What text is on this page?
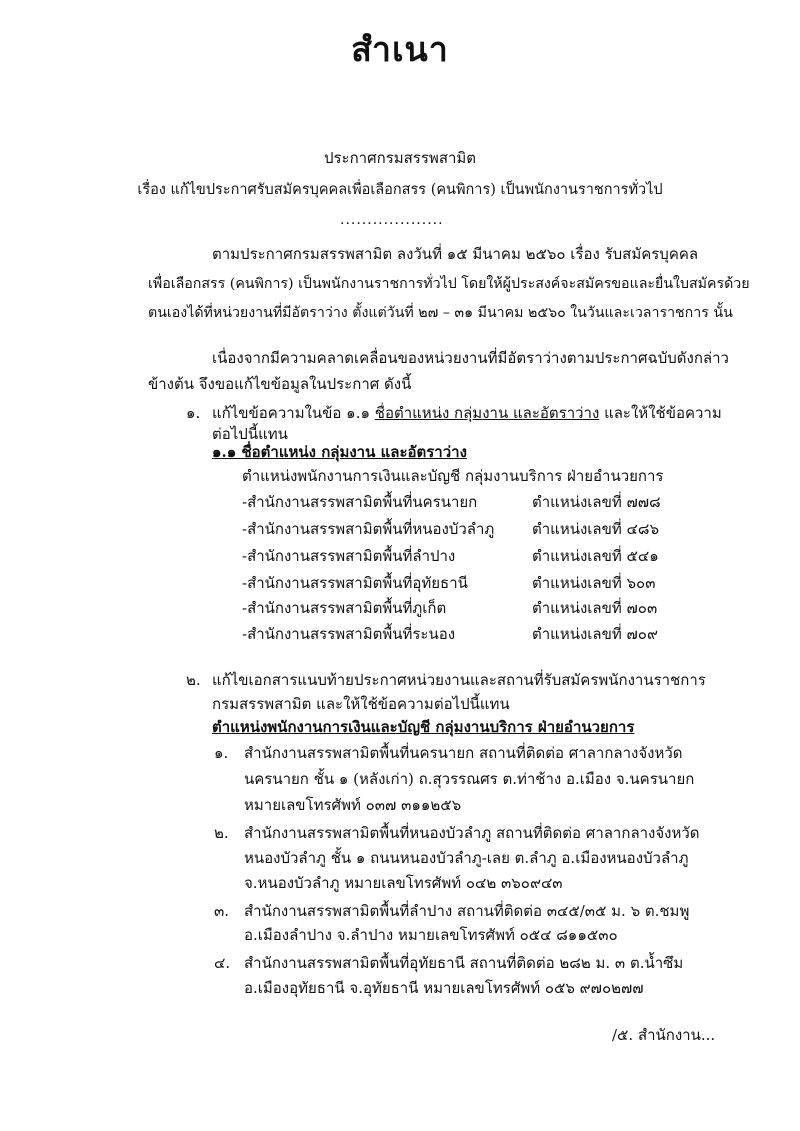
สำเนา
ประกาศกรมสรรพสามิต
เรื่อง แก้ไขประกาศรับสมัครบุคคลเพื่อเลือกสรร (คนพิการ) เป็นพนักงานราชการทั่วไป
...................
ตามประกาศกรมสรรพสามิต ลงวันที่ ๑๕ มีนาคม ๒๕๖๐ เรื่อง รับสมัครบุคคล
เพื่อเลือกสรร (คนพิการ) เป็นพนักงานราชการทั่วไป โดยให้ผู้ประสงค์จะสมัครขอและยื่นใบสมัครด้วย
ตนเองได้ที่หน่วยงานที่มีอัตราว่าง ตั้งแต่วันที่ ๒๗ – ๓๑ มีนาคม ๒๕๖๐ ในวันและเวลาราชการ นั้น
เนื่องจากมีความคลาดเคลื่อนของหน่วยงานที่มีอัตราว่างตามประกาศฉบับดังกล่าว
ข้างต้น จึงขอแก้ไขข้อมูลในประกาศ ดังนี้
๑. แก้ไขข้อความในข้อ ๑.๑ ชื่อตำแหน่ง กลุ่มงาน และอัตราว่าง และให้ใช้ข้อความ
ต่อไปนี้แทน
๑.๑ ชื่อตำแหน่ง กลุ่มงาน และอัตราว่าง
ตำแหน่งพนักงานการเงินและบัญชี กลุ่มงานบริการ ฝ่ายอำนวยการ
-สำนักงานสรรพสามิตพื้นที่นครนายก	ตำแหน่งเลขที่ ๗๗๘
-สำนักงานสรรพสามิตพื้นที่หนองบัวลำภู	ตำแหน่งเลขที่ ๔๘๖
-สำนักงานสรรพสามิตพื้นที่ลำปาง	ตำแหน่งเลขที่ ๕๔๑
-สำนักงานสรรพสามิตพื้นที่อุทัยธานี	ตำแหน่งเลขที่ ๖๐๓
-สำนักงานสรรพสามิตพื้นที่ภูเก็ต	ตำแหน่งเลขที่ ๗๐๓
-สำนักงานสรรพสามิตพื้นที่ระนอง	ตำแหน่งเลขที่ ๗๐๙
๒. แก้ไขเอกสารแนบท้ายประกาศหน่วยงานและสถานที่รับสมัครพนักงานราชการ
กรมสรรพสามิต และให้ใช้ข้อความต่อไปนี้แทน
ตำแหน่งพนักงานการเงินและบัญชี กลุ่มงานบริการ ฝ่ายอำนวยการ
๑. สำนักงานสรรพสามิตพื้นที่นครนายก สถานที่ติดต่อ ศาลากลางจังหวัด
นครนายก ชั้น ๑ (หลังเก่า) ถ.สุวรรณศร ต.ท่าช้าง อ.เมือง จ.นครนายก
หมายเลขโทรศัพท์ ๐๓๗ ๓๑๑๒๕๖
๒. สำนักงานสรรพสามิตพื้นที่หนองบัวลำภู สถานที่ติดต่อ ศาลากลางจังหวัด
หนองบัวลำภู ชั้น ๑ ถนนหนองบัวลำภู-เลย ต.ลำภู อ.เมืองหนองบัวลำภู
จ.หนองบัวลำภู หมายเลขโทรศัพท์ ๐๔๒ ๓๖๐๙๔๓
๓. สำนักงานสรรพสามิตพื้นที่ลำปาง สถานที่ติดต่อ ๓๔๕/๓๕ ม. ๖ ต.ชมพู
อ.เมืองลำปาง จ.ลำปาง หมายเลขโทรศัพท์ ๐๕๔ ๘๑๑๕๓๐
๔. สำนักงานสรรพสามิตพื้นที่อุทัยธานี สถานที่ติดต่อ ๒๘๒ ม. ๓ ต.น้ำซึม
อ.เมืองอุทัยธานี จ.อุทัยธานี หมายเลขโทรศัพท์ ๐๕๖ ๙๗๐๒๗๗
/๕. สำนักงาน...
